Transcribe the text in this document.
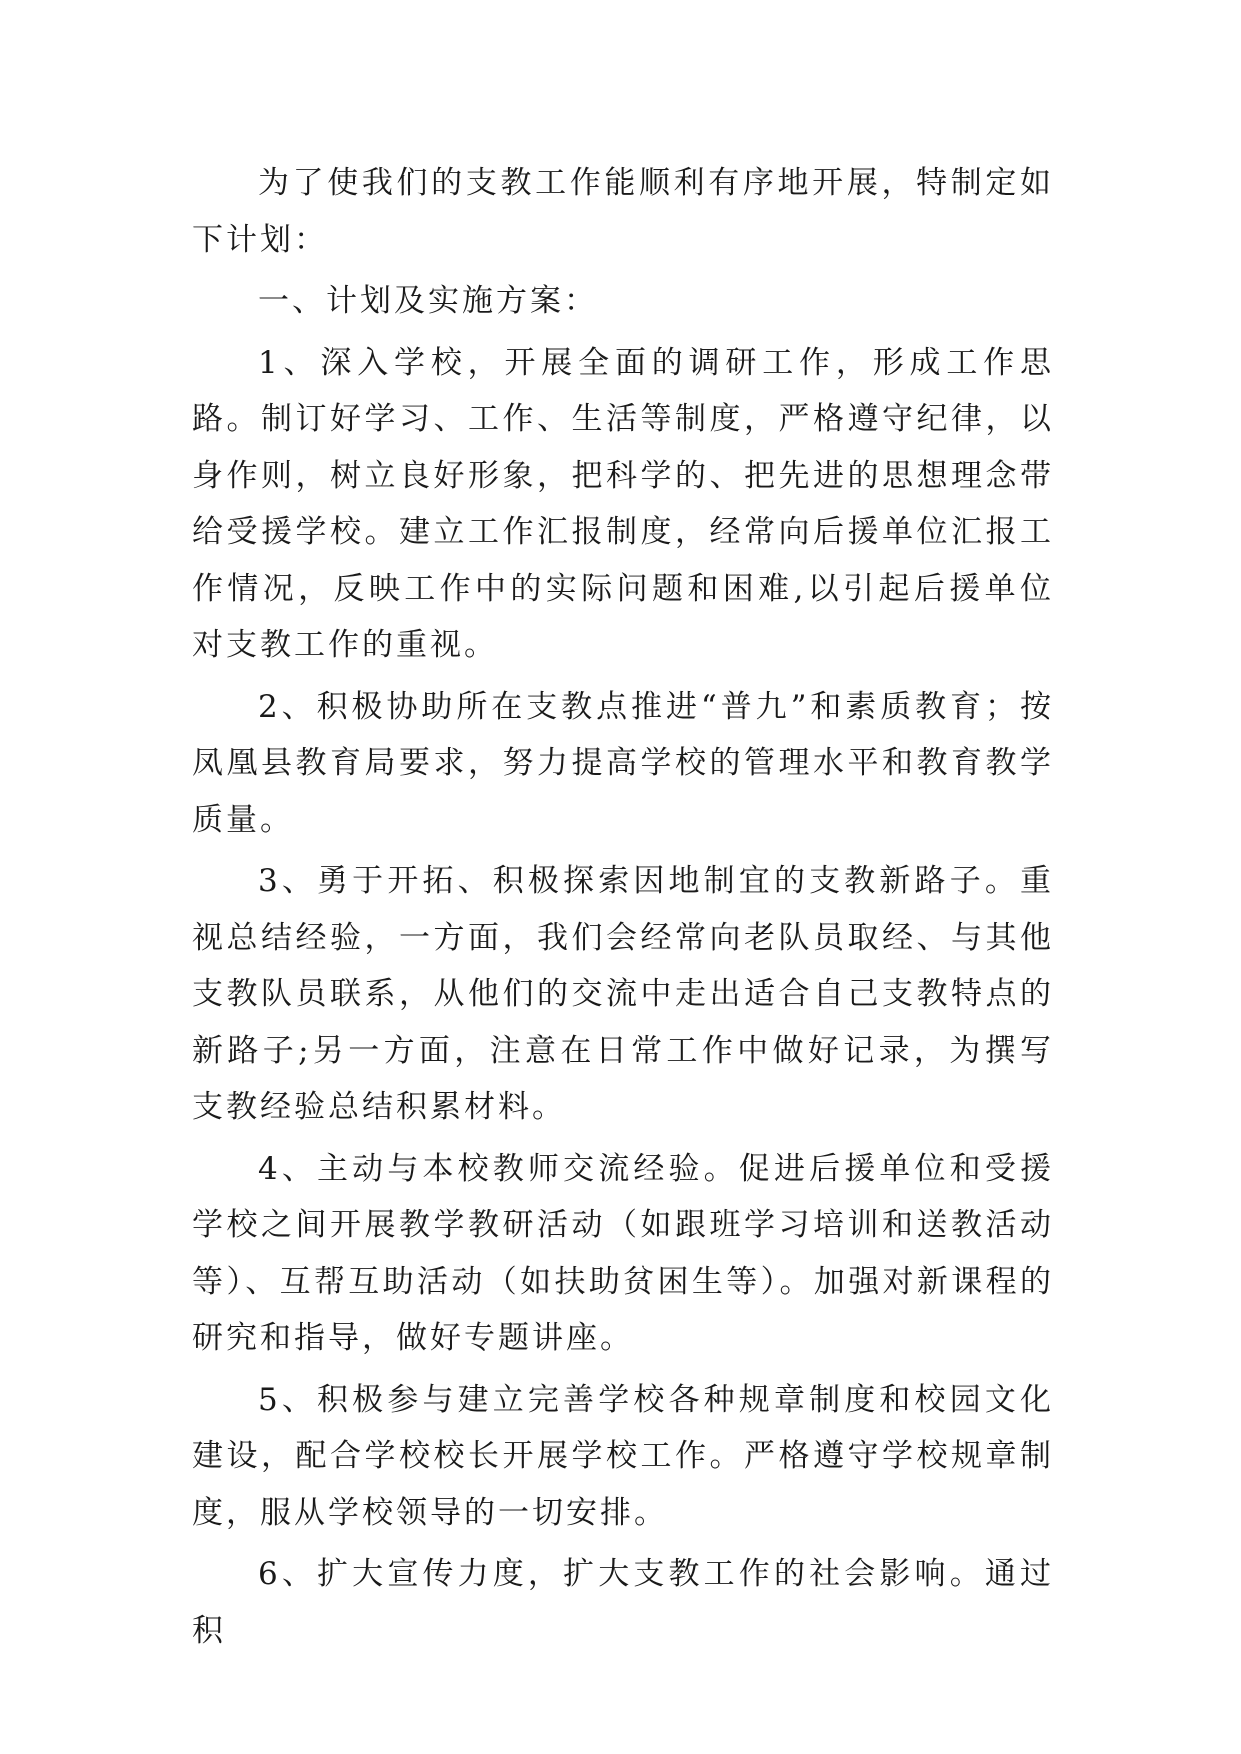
为了使我们的支教工作能顺利有序地开展，特制定如下计划：

一、计划及实施方案：

1、深入学校，开展全面的调研工作，形成工作思路。制订好学习、工作、生活等制度，严格遵守纪律，以身作则，树立良好形象，把科学的、把先进的思想理念带给受援学校。建立工作汇报制度，经常向后援单位汇报工作情况，反映工作中的实际问题和困难,以引起后援单位对支教工作的重视。

2、积极协助所在支教点推进“普九”和素质教育；按凤凰县教育局要求，努力提高学校的管理水平和教育教学质量。

3、勇于开拓、积极探索因地制宜的支教新路子。重视总结经验，一方面，我们会经常向老队员取经、与其他支教队员联系，从他们的交流中走出适合自己支教特点的新路子;另一方面，注意在日常工作中做好记录，为撰写支教经验总结积累材料。

4、主动与本校教师交流经验。促进后援单位和受援学校之间开展教学教研活动（如跟班学习培训和送教活动等）、互帮互助活动（如扶助贫困生等）。加强对新课程的研究和指导，做好专题讲座。

5、积极参与建立完善学校各种规章制度和校园文化建设，配合学校校长开展学校工作。严格遵守学校规章制度，服从学校领导的一切安排。

6、扩大宣传力度，扩大支教工作的社会影响。通过积
